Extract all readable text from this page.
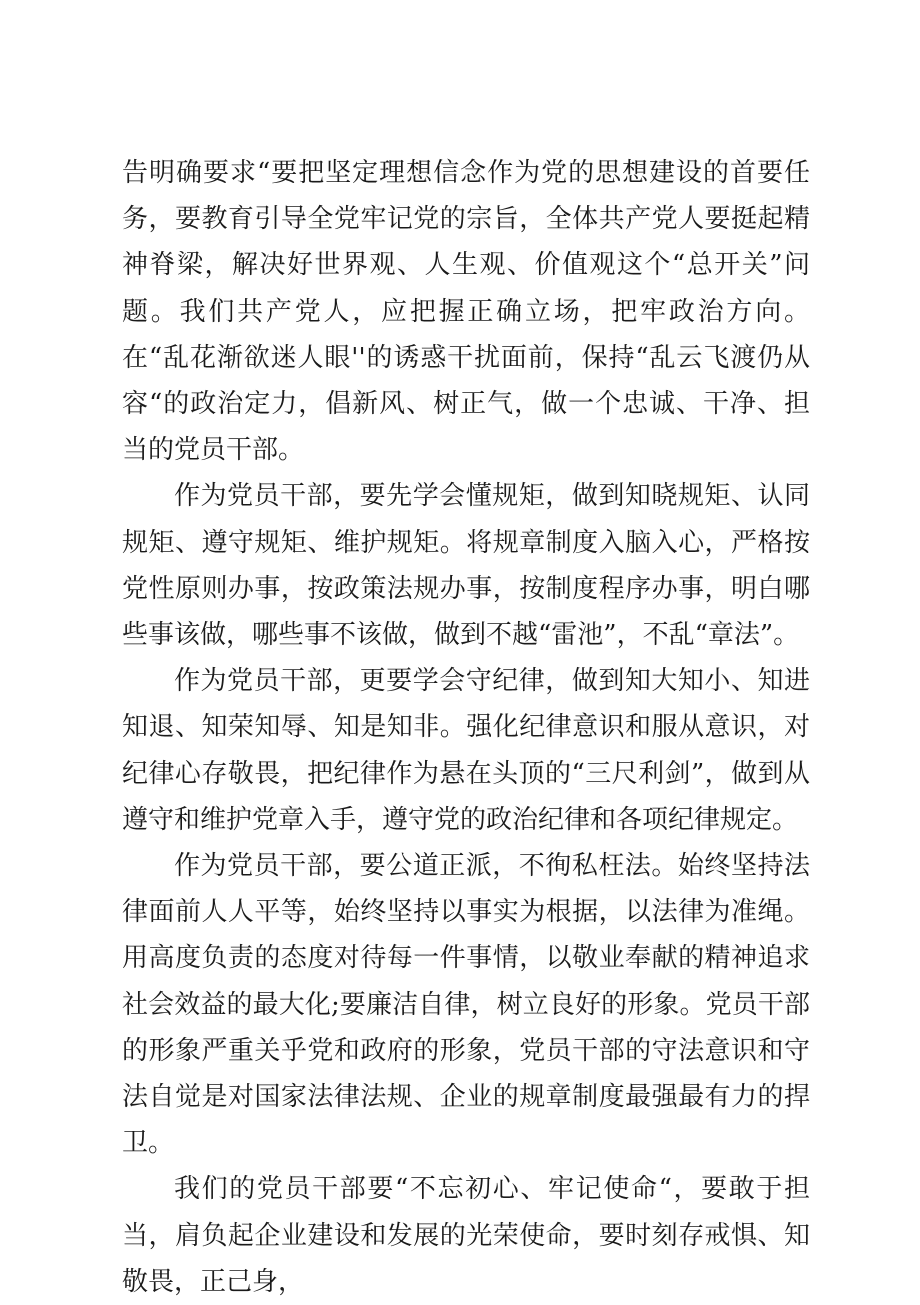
告明确要求“要把坚定理想信念作为党的思想建设的首要任务，要教育引导全党牢记党的宗旨，全体共产党人要挺起精神脊梁，解决好世界观、人生观、价值观这个“总开关”问题。我们共产党人，应把握正确立场，把牢政治方向。在“乱花渐欲迷人眼''的诱惑干扰面前，保持“乱云飞渡仍从容“的政治定力，倡新风、树正气，做一个忠诚、干净、担当的党员干部。

作为党员干部，要先学会懂规矩，做到知晓规矩、认同规矩、遵守规矩、维护规矩。将规章制度入脑入心，严格按党性原则办事，按政策法规办事，按制度程序办事，明白哪些事该做，哪些事不该做，做到不越“雷池”，不乱“章法”。

作为党员干部，更要学会守纪律，做到知大知小、知进知退、知荣知辱、知是知非。强化纪律意识和服从意识，对纪律心存敬畏，把纪律作为悬在头顶的“三尺利剑”，做到从遵守和维护党章入手，遵守党的政治纪律和各项纪律规定。

作为党员干部，要公道正派，不徇私枉法。始终坚持法律面前人人平等，始终坚持以事实为根据，以法律为准绳。用高度负责的态度对待每一件事情，以敬业奉献的精神追求社会效益的最大化;要廉洁自律，树立良好的形象。党员干部的形象严重关乎党和政府的形象，党员干部的守法意识和守法自觉是对国家法律法规、企业的规章制度最强最有力的捍卫。

我们的党员干部要“不忘初心、牢记使命“，要敢于担当，肩负起企业建设和发展的光荣使命，要时刻存戒惧、知敬畏，正己身，
